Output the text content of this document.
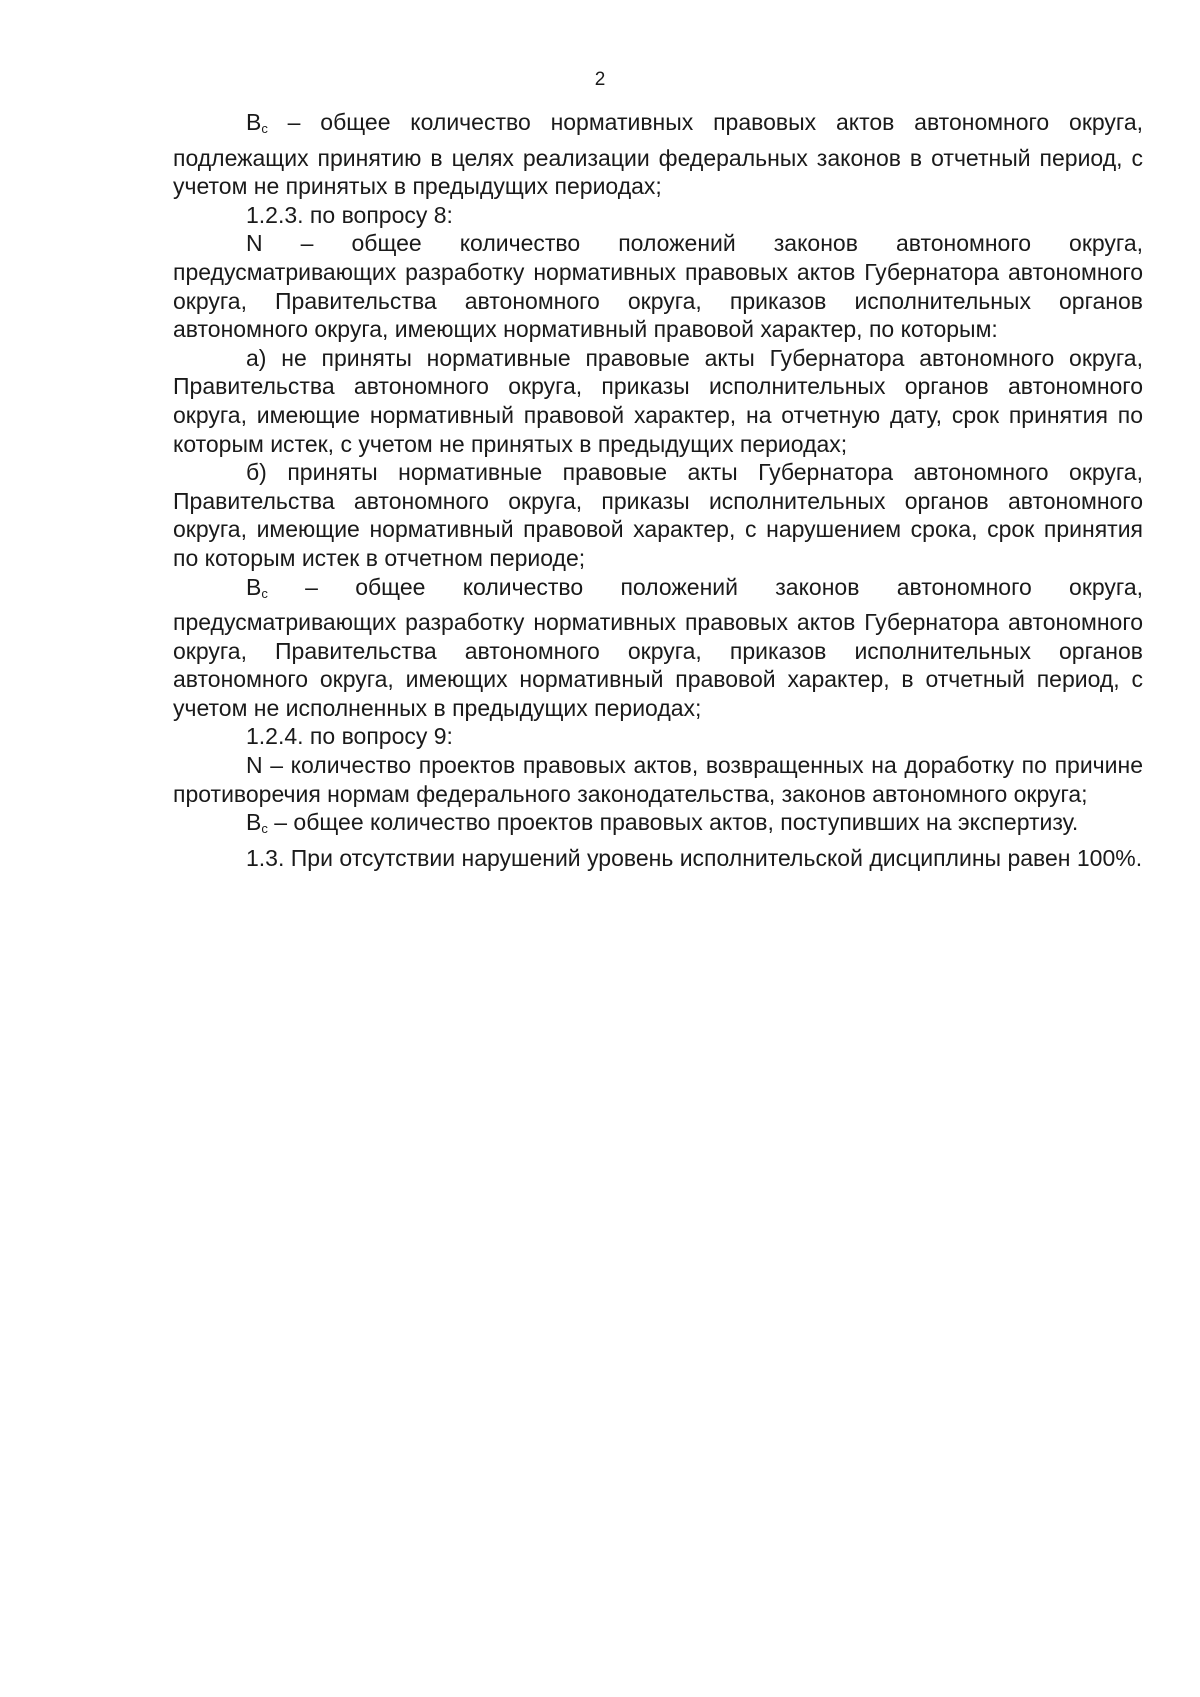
2

$B_c$ – общее количество нормативных правовых актов автономного округа, подлежащих принятию в целях реализации федеральных законов в отчетный период, с учетом не принятых в предыдущих периодах;

1.2.3. по вопросу 8:

N – общее количество положений законов автономного округа, предусматривающих разработку нормативных правовых актов Губернатора автономного округа, Правительства автономного округа, приказов исполнительных органов автономного округа, имеющих нормативный правовой характер, по которым:

а) не приняты нормативные правовые акты Губернатора автономного округа, Правительства автономного округа, приказы исполнительных органов автономного округа, имеющие нормативный правовой характер, на отчетную дату, срок принятия по которым истек, с учетом не принятых в предыдущих периодах;

б) приняты нормативные правовые акты Губернатора автономного округа, Правительства автономного округа, приказы исполнительных органов автономного округа, имеющие нормативный правовой характер, с нарушением срока, срок принятия по которым истек в отчетном периоде;

$B_c$ – общее количество положений законов автономного округа, предусматривающих разработку нормативных правовых актов Губернатора автономного округа, Правительства автономного округа, приказов исполнительных органов автономного округа, имеющих нормативный правовой характер, в отчетный период, с учетом не исполненных в предыдущих периодах;

1.2.4. по вопросу 9:

N – количество проектов правовых актов, возвращенных на доработку по причине противоречия нормам федерального законодательства, законов автономного округа;

$B_c$ – общее количество проектов правовых актов, поступивших на экспертизу.

1.3. При отсутствии нарушений уровень исполнительской дисциплины равен 100%.
